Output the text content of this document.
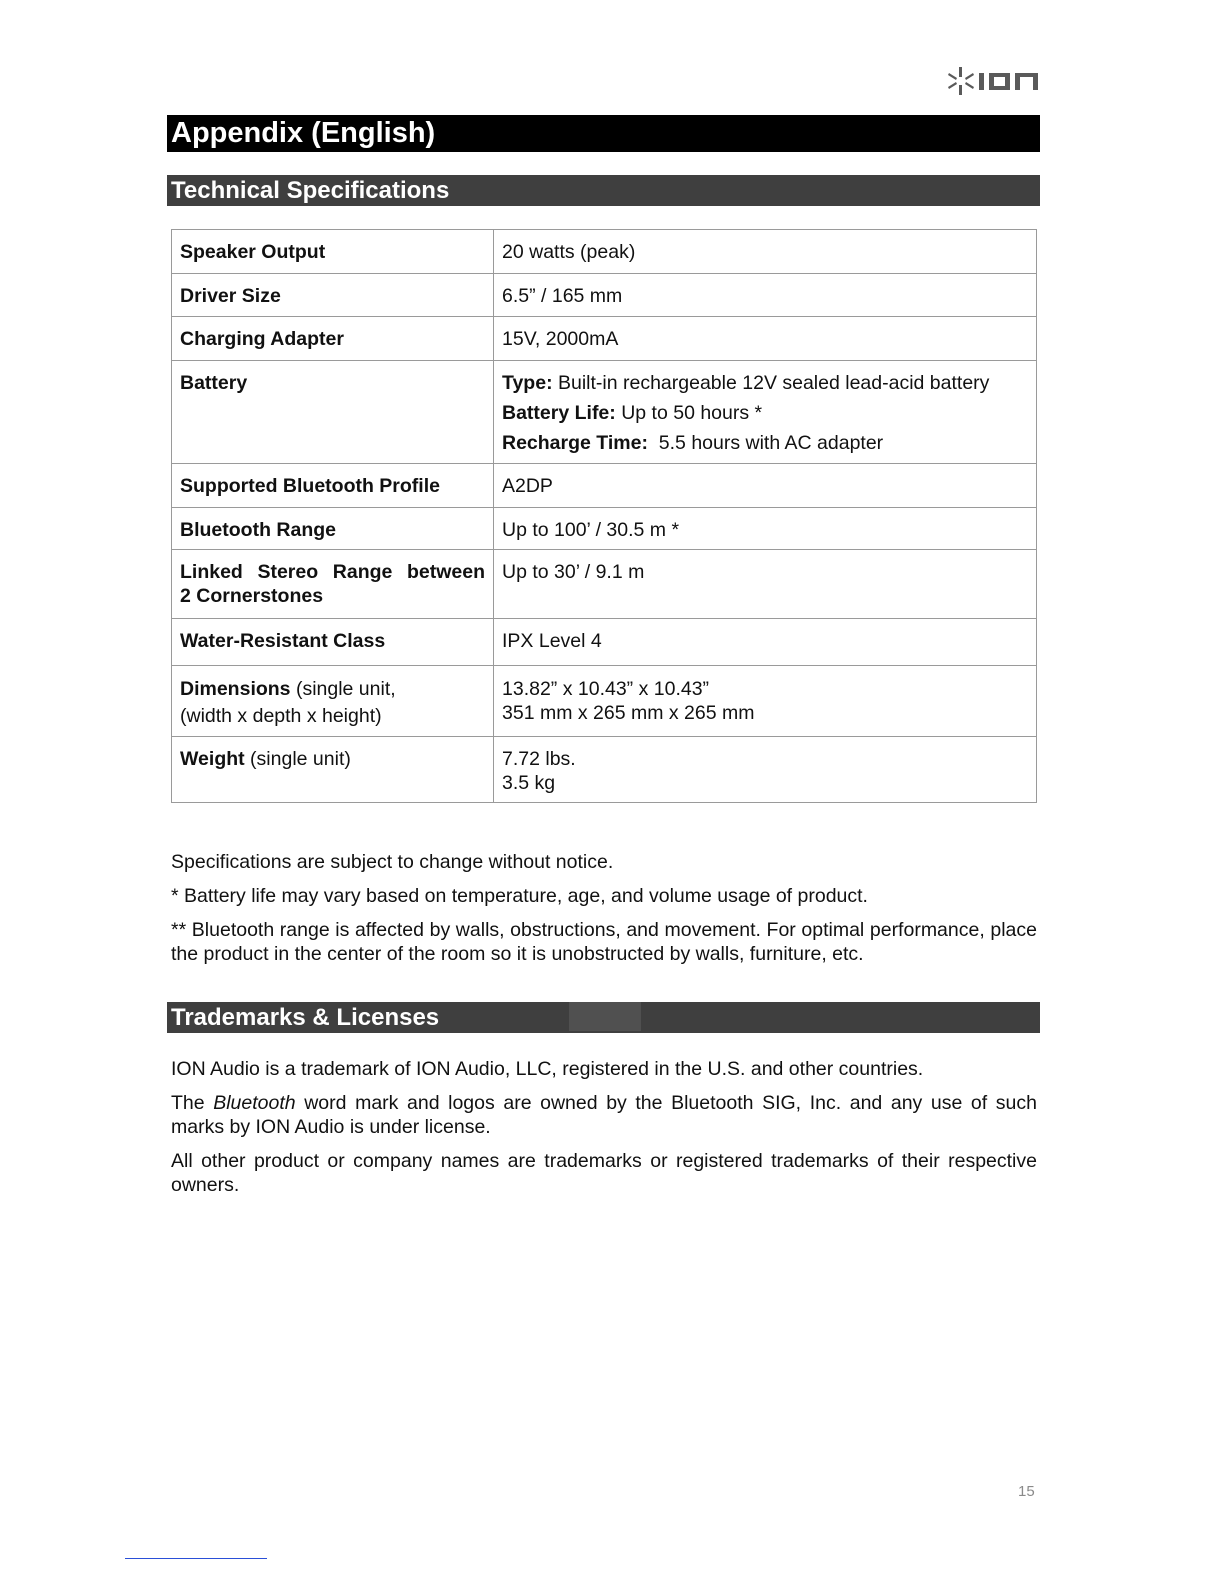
Appendix (English)
Technical Specifications
Speaker Output	20 watts (peak)
Driver Size	6.5” / 165 mm
Charging Adapter	15V, 2000mA
Battery	Type: Built-in rechargeable 12V sealed lead-acid battery
Battery Life: Up to 50 hours *
Recharge Time:  5.5 hours with AC adapter

Supported Bluetooth Profile	A2DP
Bluetooth Range	Up to 100’ / 30.5 m *

Linked Stereo Range between
2 Cornerstones	Up to 30’ / 9.1 m
Water-Resistant Class	IPX Level 4

Dimensions (single unit,
(width x depth x height)	13.82” x 10.43” x 10.43”
351 mm x 265 mm x 265 mm

Weight (single unit)	7.72 lbs.
3.5 kg

Specifications are subject to change without notice.

* Battery life may vary based on temperature, age, and volume usage of product.

** Bluetooth range is affected by walls, obstructions, and movement. For optimal performance, place the product in the center of the room so it is unobstructed by walls, furniture, etc.

Trademarks & Licenses

ION Audio is a trademark of ION Audio, LLC, registered in the U.S. and other countries.

The Bluetooth word mark and logos are owned by the Bluetooth SIG, Inc. and any use of such marks by ION Audio is under license.

All other product or company names are trademarks or registered trademarks of their respective owners.

15
